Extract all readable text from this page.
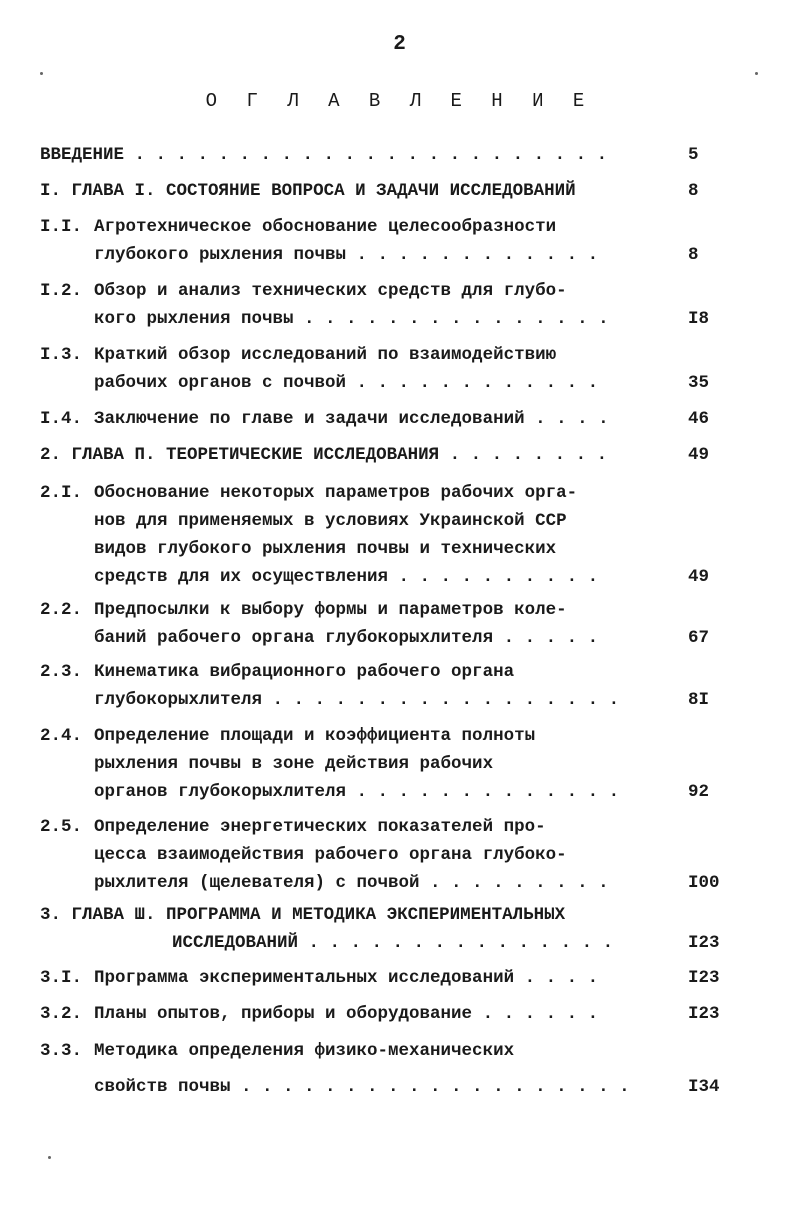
2
О Г Л А В Л Е Н И Е
ВВЕДЕНИЕ . . . . . . . . . . . . . . . . . . . . . . .	5
I. ГЛАВА I. СОСТОЯНИЕ ВОПРОСА И ЗАДАЧИ ИССЛЕДОВАНИЙ	8
I.I. Агротехническое обоснование целесообразности
глубокого рыхления почвы . . . . . . . . . . . .	8
I.2. Обзор и анализ технических средств для глубо-
кого рыхления почвы . . . . . . . . . . . . . . .	I8
I.3. Краткий обзор исследований по взаимодействию
рабочих органов с почвой . . . . . . . . . . . .	35
I.4. Заключение по главе и задачи исследований . . . .	46
2. ГЛАВА П. ТЕОРЕТИЧЕСКИЕ ИССЛЕДОВАНИЯ . . . . . . . .	49
2.I. Обоснование некоторых параметров рабочих орга-
нов для применяемых в условиях Украинской ССР
видов глубокого рыхления почвы и технических
средств для их осуществления . . . . . . . . . .	49
2.2. Предпосылки к выбору формы и параметров коле-
баний рабочего органа глубокорыхлителя . . . . .	67
2.3. Кинематика вибрационного рабочего органа
глубокорыхлителя . . . . . . . . . . . . . . . . .	8I
2.4. Определение площади и коэффициента полноты
рыхления почвы в зоне действия рабочих
органов глубокорыхлителя . . . . . . . . . . . . .	92
2.5. Определение энергетических показателей про-
цесса взаимодействия рабочего органа глубоко-
рыхлителя (щелевателя) с почвой . . . . . . . . .	I00
3. ГЛАВА Ш. ПРОГРАММА И МЕТОДИКА ЭКСПЕРИМЕНТАЛЬНЫХ
ИССЛЕДОВАНИЙ . . . . . . . . . . . . . . .	I23
3.I. Программа экспериментальных исследований . . . .	I23
3.2. Планы опытов, приборы и оборудование . . . . . .	I23
3.3. Методика определения физико-механических
свойств почвы . . . . . . . . . . . . . . . . . . .	I34
